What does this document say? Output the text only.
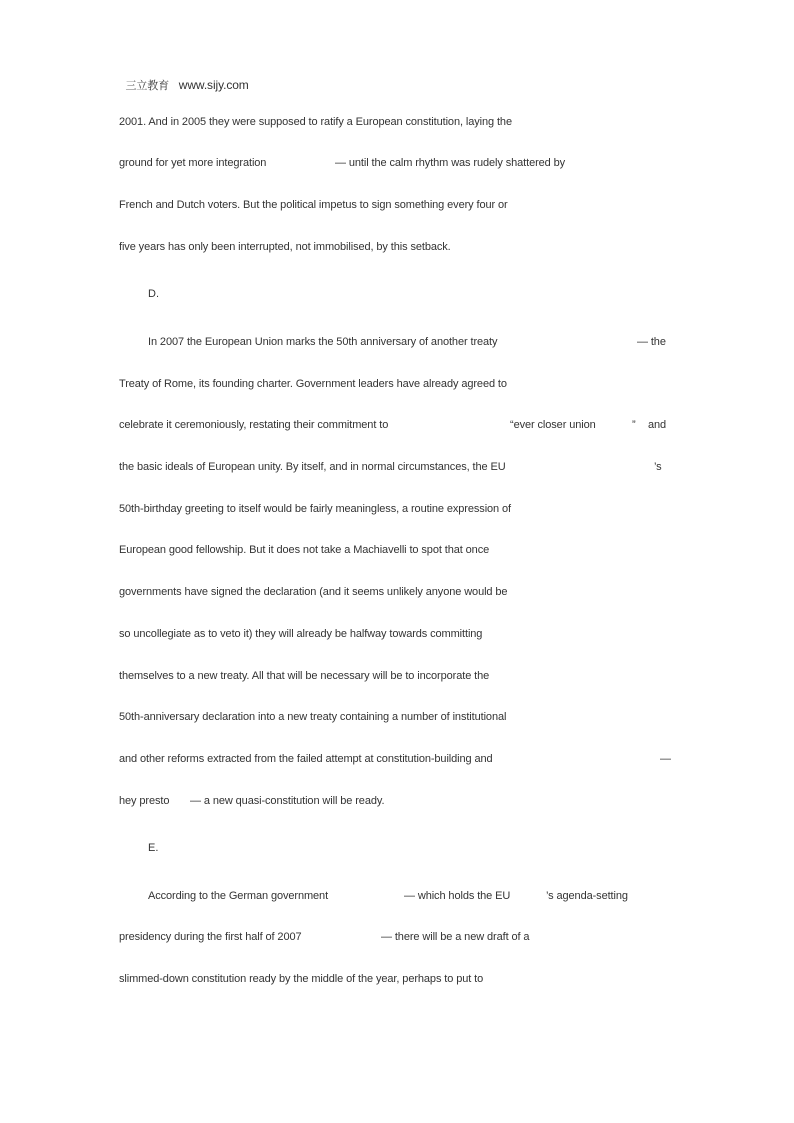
三立教育 www.sijy.com

2001. And in 2005 they were supposed to ratify a European constitution, laying the
ground for yet more integration	— until the calm rhythm was rudely shattered by
French and Dutch voters. But the political impetus to sign something every four or
five years has only been interrupted, not immobilised, by this setback.
D.
In 2007 the European Union marks the 50th anniversary of another treaty	— the
Treaty of Rome, its founding charter. Government leaders have already agreed to
celebrate it ceremoniously, restating their commitment to	“ever closer union	” and
the basic ideals of European unity. By itself, and in normal circumstances, the EU	’s
50th-birthday greeting to itself would be fairly meaningless, a routine expression of
European good fellowship. But it does not take a Machiavelli to spot that once
governments have signed the declaration (and it seems unlikely anyone would be
so uncollegiate as to veto it) they will already be halfway towards committing
themselves to a new treaty. All that will be necessary will be to incorporate the
50th-anniversary declaration into a new treaty containing a number of institutional
and other reforms extracted from the failed attempt at constitution-building and	—
hey presto — a new quasi-constitution will be ready.
E.
According to the German government	— which holds the EU	’s agenda-setting
presidency during the first half of 2007	— there will be a new draft of a
slimmed-down constitution ready by the middle of the year, perhaps to put to
